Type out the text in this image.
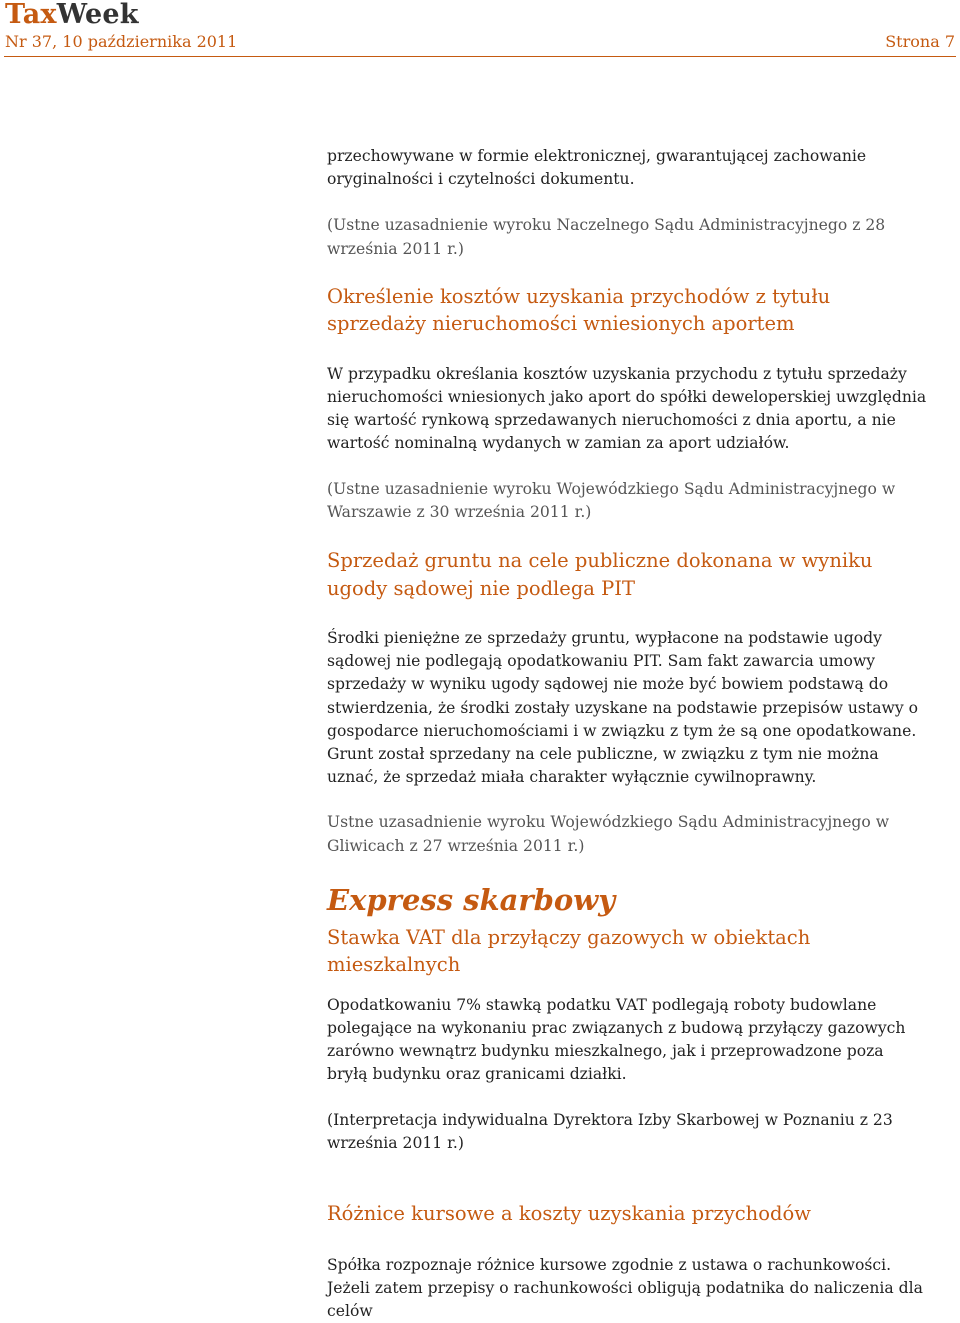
TaxWeek
Nr 37, 10 października 2011	Strona 7

przechowywane w formie elektronicznej, gwarantującej zachowanie oryginalności i czytelności dokumentu.

(Ustne uzasadnienie wyroku Naczelnego Sądu Administracyjnego z 28 września 2011 r.)

Określenie kosztów uzyskania przychodów z tytułu sprzedaży nieruchomości wniesionych aportem

W przypadku określania kosztów uzyskania przychodu z tytułu sprzedaży nieruchomości wniesionych jako aport do spółki deweloperskiej uwzględnia się wartość rynkową sprzedawanych nieruchomości z dnia aportu, a nie wartość nominalną wydanych w zamian za aport udziałów.

(Ustne uzasadnienie wyroku Wojewódzkiego Sądu Administracyjnego w Warszawie z 30 września 2011 r.)

Sprzedaż gruntu na cele publiczne dokonana w wyniku ugody sądowej nie podlega PIT

Środki pieniężne ze sprzedaży gruntu, wypłacone na podstawie ugody sądowej nie podlegają opodatkowaniu PIT. Sam fakt zawarcia umowy sprzedaży w wyniku ugody sądowej nie może być bowiem podstawą do stwierdzenia, że środki zostały uzyskane na podstawie przepisów ustawy o gospodarce nieruchomościami i w związku z tym że są one opodatkowane. Grunt został sprzedany na cele publiczne, w związku z tym nie można uznać, że sprzedaż miała charakter wyłącznie cywilnoprawny.

Ustne uzasadnienie wyroku Wojewódzkiego Sądu Administracyjnego w Gliwicach z 27 września 2011 r.)

Express skarbowy
Stawka VAT dla przyłączy gazowych w obiektach mieszkalnych

Opodatkowaniu 7% stawką podatku VAT podlegają roboty budowlane polegające na wykonaniu prac związanych z budową przyłączy gazowych zarówno wewnątrz budynku mieszkalnego, jak i przeprowadzone poza bryłą budynku oraz granicami działki.

(Interpretacja indywidualna Dyrektora Izby Skarbowej w Poznaniu z 23 września 2011 r.)

Różnice kursowe a koszty uzyskania przychodów

Spółka rozpoznaje różnice kursowe zgodnie z ustawa o rachunkowości. Jeżeli zatem przepisy o rachunkowości obligują podatnika do naliczenia dla celów
